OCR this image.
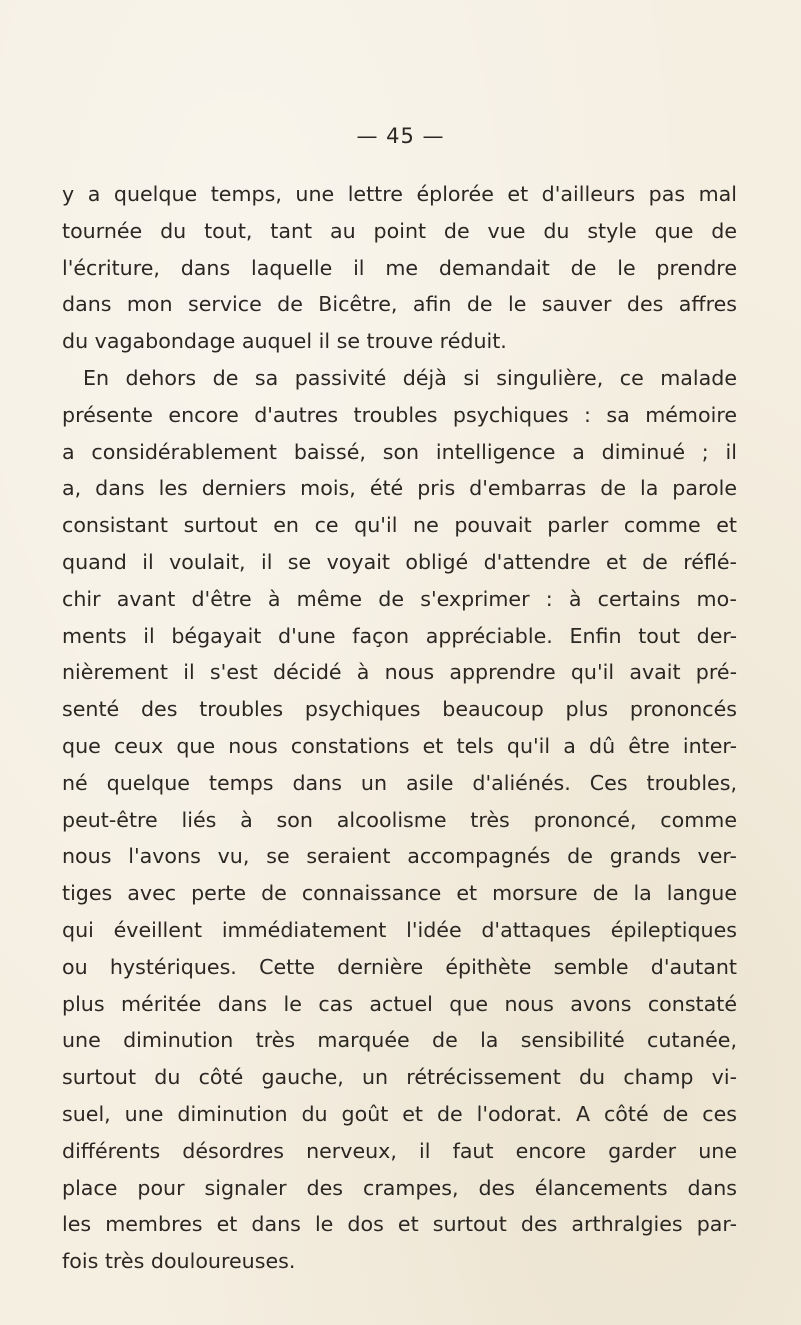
— 45 —
y a quelque temps, une lettre éplorée et d'ailleurs pas mal
tournée du tout, tant au point de vue du style que de
l'écriture, dans laquelle il me demandait de le prendre
dans mon service de Bicêtre, afin de le sauver des affres
du vagabondage auquel il se trouve réduit.
En dehors de sa passivité déjà si singulière, ce malade
présente encore d'autres troubles psychiques : sa mémoire
a considérablement baissé, son intelligence a diminué ; il
a, dans les derniers mois, été pris d'embarras de la parole
consistant surtout en ce qu'il ne pouvait parler comme et
quand il voulait, il se voyait obligé d'attendre et de réflé-
chir avant d'être à même de s'exprimer : à certains mo-
ments il bégayait d'une façon appréciable. Enfin tout der-
nièrement il s'est décidé à nous apprendre qu'il avait pré-
senté des troubles psychiques beaucoup plus prononcés
que ceux que nous constations et tels qu'il a dû être inter-
né quelque temps dans un asile d'aliénés. Ces troubles,
peut-être liés à son alcoolisme très prononcé, comme
nous l'avons vu, se seraient accompagnés de grands ver-
tiges avec perte de connaissance et morsure de la langue
qui éveillent immédiatement l'idée d'attaques épileptiques
ou hystériques. Cette dernière épithète semble d'autant
plus méritée dans le cas actuel que nous avons constaté
une diminution très marquée de la sensibilité cutanée,
surtout du côté gauche, un rétrécissement du champ vi-
suel, une diminution du goût et de l'odorat. A côté de ces
différents désordres nerveux, il faut encore garder une
place pour signaler des crampes, des élancements dans
les membres et dans le dos et surtout des arthralgies par-
fois très douloureuses.
